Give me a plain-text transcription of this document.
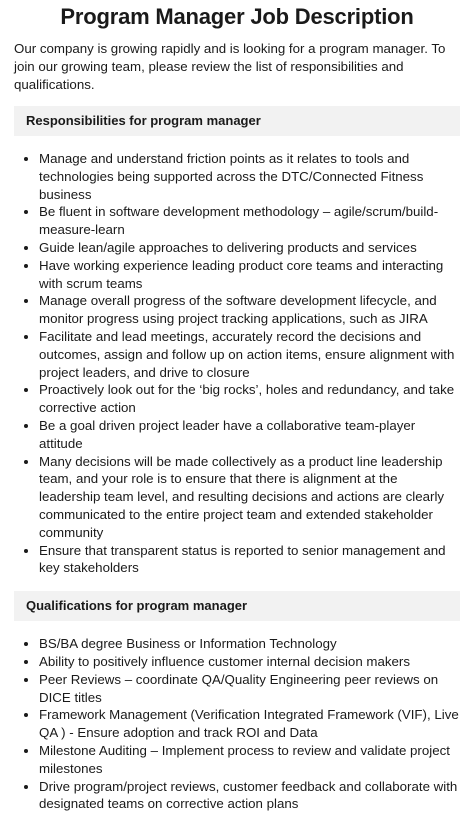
Program Manager Job Description

Our company is growing rapidly and is looking for a program manager. To join our growing team, please review the list of responsibilities and qualifications.

Responsibilities for program manager
• Manage and understand friction points as it relates to tools and technologies being supported across the DTC/Connected Fitness business
• Be fluent in software development methodology – agile/scrum/build-measure-learn
• Guide lean/agile approaches to delivering products and services
• Have working experience leading product core teams and interacting with scrum teams
• Manage overall progress of the software development lifecycle, and monitor progress using project tracking applications, such as JIRA
• Facilitate and lead meetings, accurately record the decisions and outcomes, assign and follow up on action items, ensure alignment with project leaders, and drive to closure
• Proactively look out for the ‘big rocks’, holes and redundancy, and take corrective action
• Be a goal driven project leader have a collaborative team-player attitude
• Many decisions will be made collectively as a product line leadership team, and your role is to ensure that there is alignment at the leadership team level, and resulting decisions and actions are clearly communicated to the entire project team and extended stakeholder community
• Ensure that transparent status is reported to senior management and key stakeholders
Qualifications for program manager
• BS/BA degree Business or Information Technology
• Ability to positively influence customer internal decision makers
• Peer Reviews – coordinate QA/Quality Engineering peer reviews on DICE titles
• Framework Management (Verification Integrated Framework (VIF), Live QA ) - Ensure adoption and track ROI and Data
• Milestone Auditing – Implement process to review and validate project milestones
• Drive program/project reviews, customer feedback and collaborate with designated teams on corrective action plans
